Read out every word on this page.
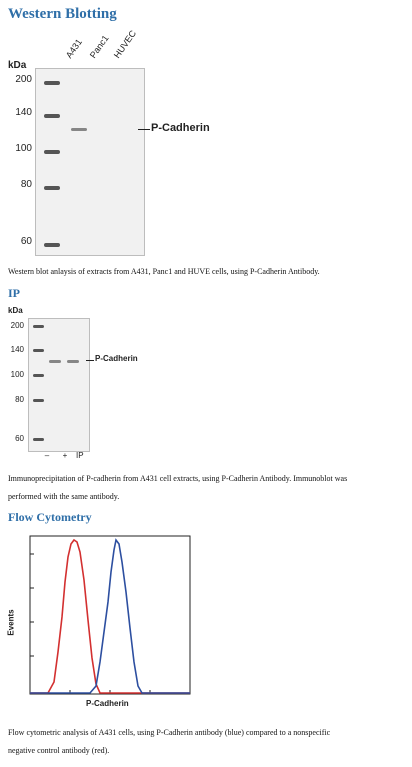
Western Blotting
kDa
A431 Panc1 HUVEC
200
140
100
80
60
P-Cadherin
Western blot anlaysis of extracts from A431, Panc1 and HUVE cells, using P-Cadherin Antibody.
IP
kDa
200
140
100
80
60
P-Cadherin
–	+	IP
Immunoprecipitation of P-cadherin from A431 cell extracts, using P-Cadherin Antibody. Immunoblot was
performed with the same antibody.
Flow Cytometry
Events
P-Cadherin
Flow cytometric analysis of A431 cells, using P-Cadherin antibody (blue) compared to a nonspecific
negative control antibody (red).
